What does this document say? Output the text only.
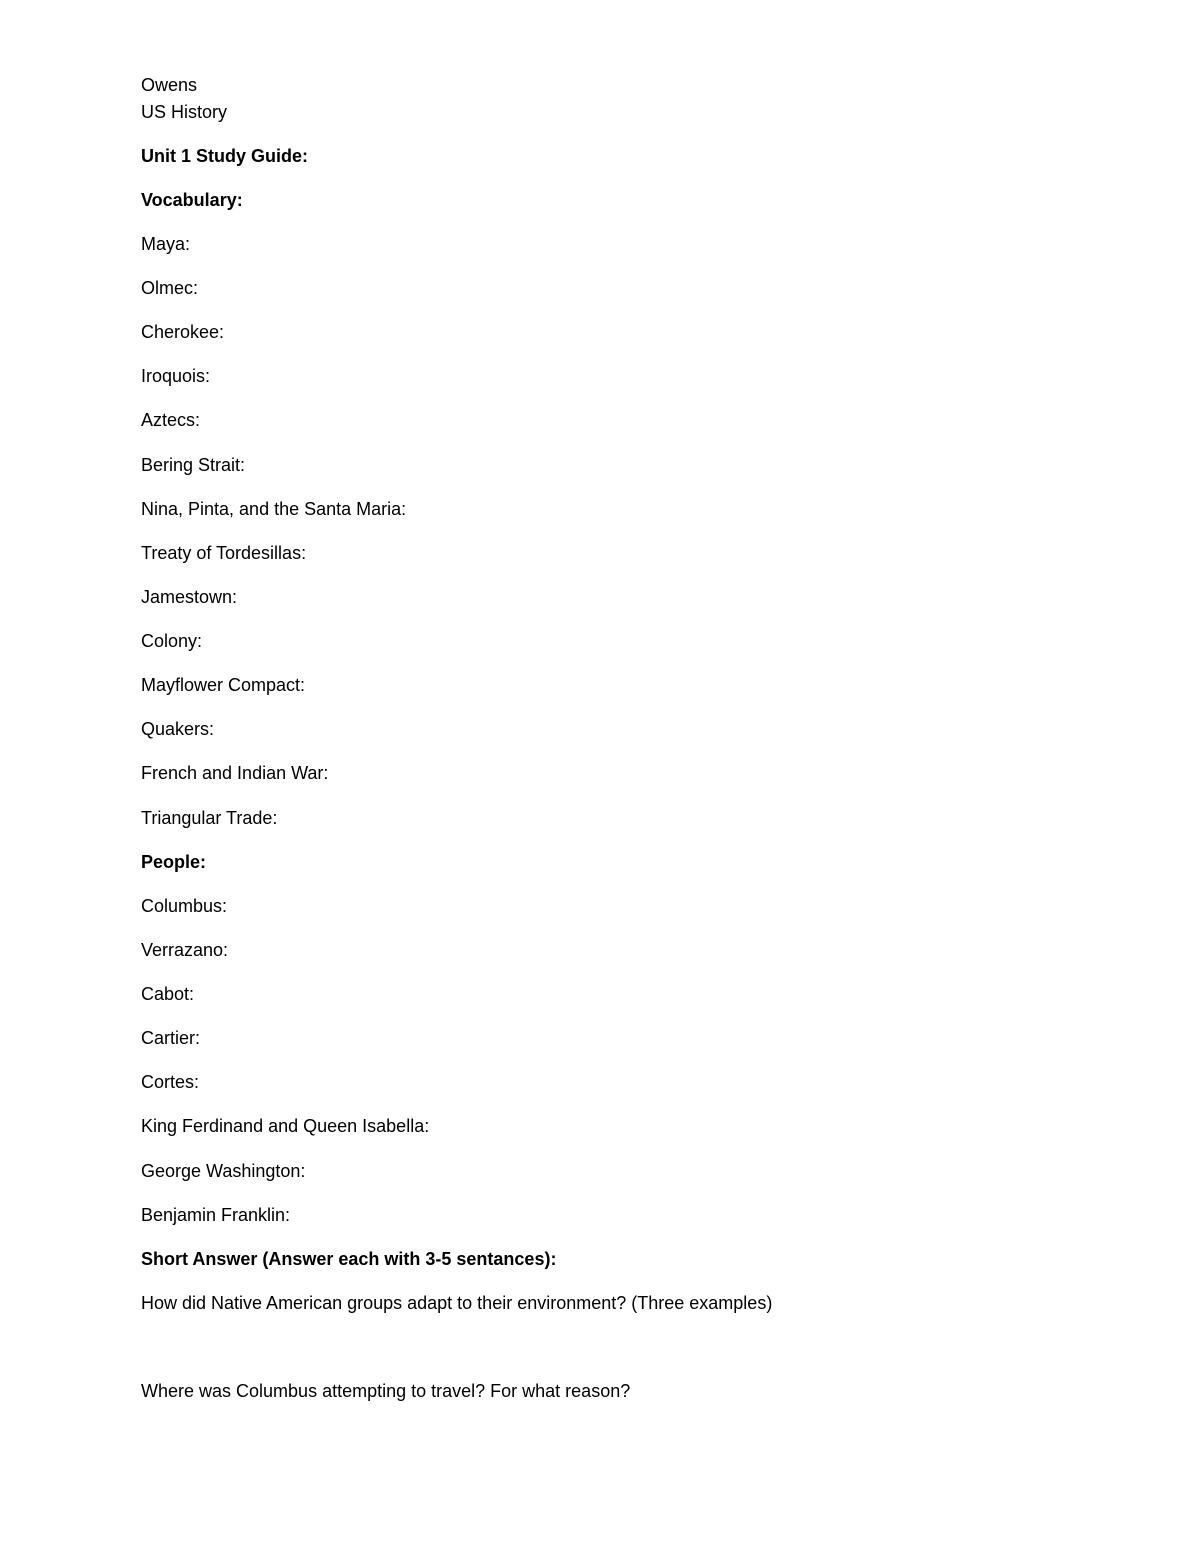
Owens
US History
Unit 1 Study Guide:
Vocabulary:
Maya:
Olmec:
Cherokee:
Iroquois:
Aztecs:
Bering Strait:
Nina, Pinta, and the Santa Maria:
Treaty of Tordesillas:
Jamestown:
Colony:
Mayflower Compact:
Quakers:
French and Indian War:
Triangular Trade:
People:
Columbus:
Verrazano:
Cabot:
Cartier:
Cortes:
King Ferdinand and Queen Isabella:
George Washington:
Benjamin Franklin:
Short Answer (Answer each with 3-5 sentances):
How did Native American groups adapt to their environment? (Three examples)
Where was Columbus attempting to travel? For what reason?
